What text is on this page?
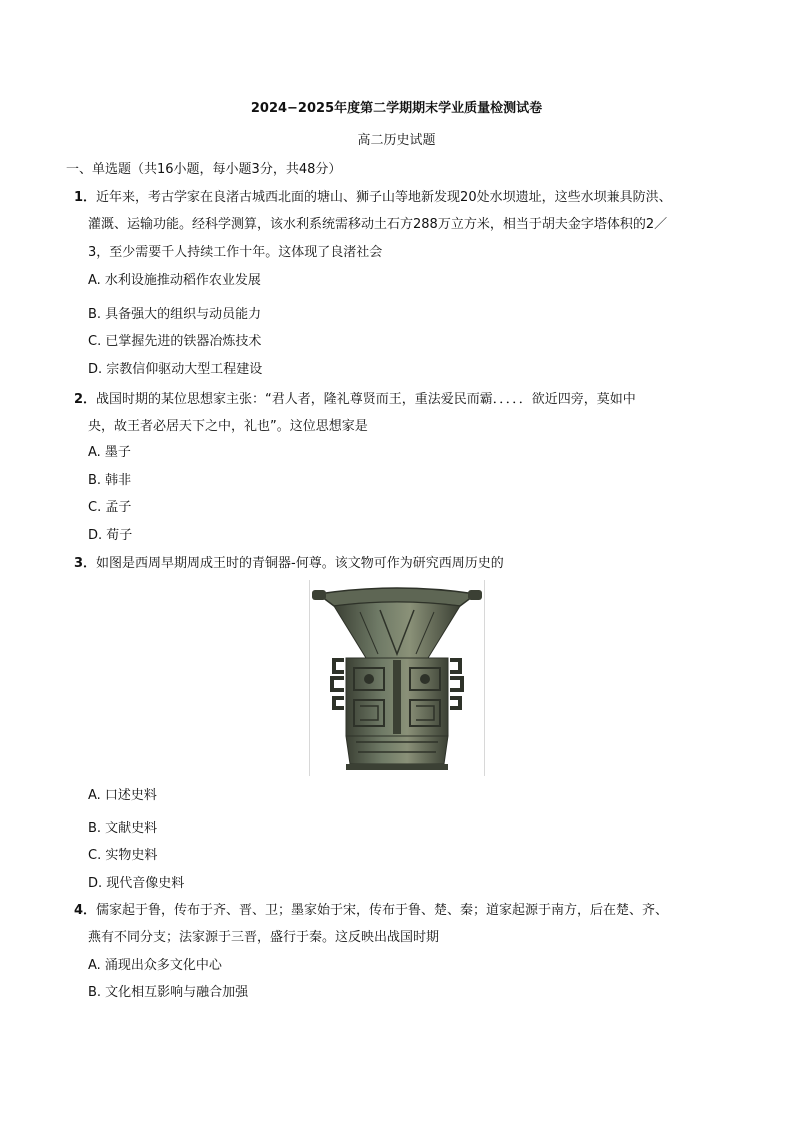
2024−2025年度第二学期期末学业质量检测试卷
高二历史试题
一、单选题（共16小题，每小题3分，共48分）
1．近年来，考古学家在良渚古城西北面的塘山、狮子山等地新发现20处水坝遗址，这些水坝兼具防洪、
灌溉、运输功能。经科学测算，该水利系统需移动土石方288万立方米，相当于胡夫金字塔体积的2／
3，至少需要千人持续工作十年。这体现了良渚社会
A. 水利设施推动稻作农业发展
B. 具备强大的组织与动员能力
C. 已掌握先进的铁器冶炼技术
D. 宗教信仰驱动大型工程建设
2．战国时期的某位思想家主张：“君人者，隆礼尊贤而王，重法爱民而霸．．．．．欲近四旁，莫如中
央，故王者必居天下之中，礼也”。这位思想家是
A. 墨子
B. 韩非
C. 孟子
D. 荀子
3．如图是西周早期周成王时的青铜器-何尊。该文物可作为研究西周历史的
A. 口述史料
B. 文献史料
C. 实物史料
D. 现代音像史料
4．儒家起于鲁，传布于齐、晋、卫；墨家始于宋，传布于鲁、楚、秦；道家起源于南方，后在楚、齐、
燕有不同分支；法家源于三晋，盛行于秦。这反映出战国时期
A. 涌现出众多文化中心
B. 文化相互影响与融合加强
